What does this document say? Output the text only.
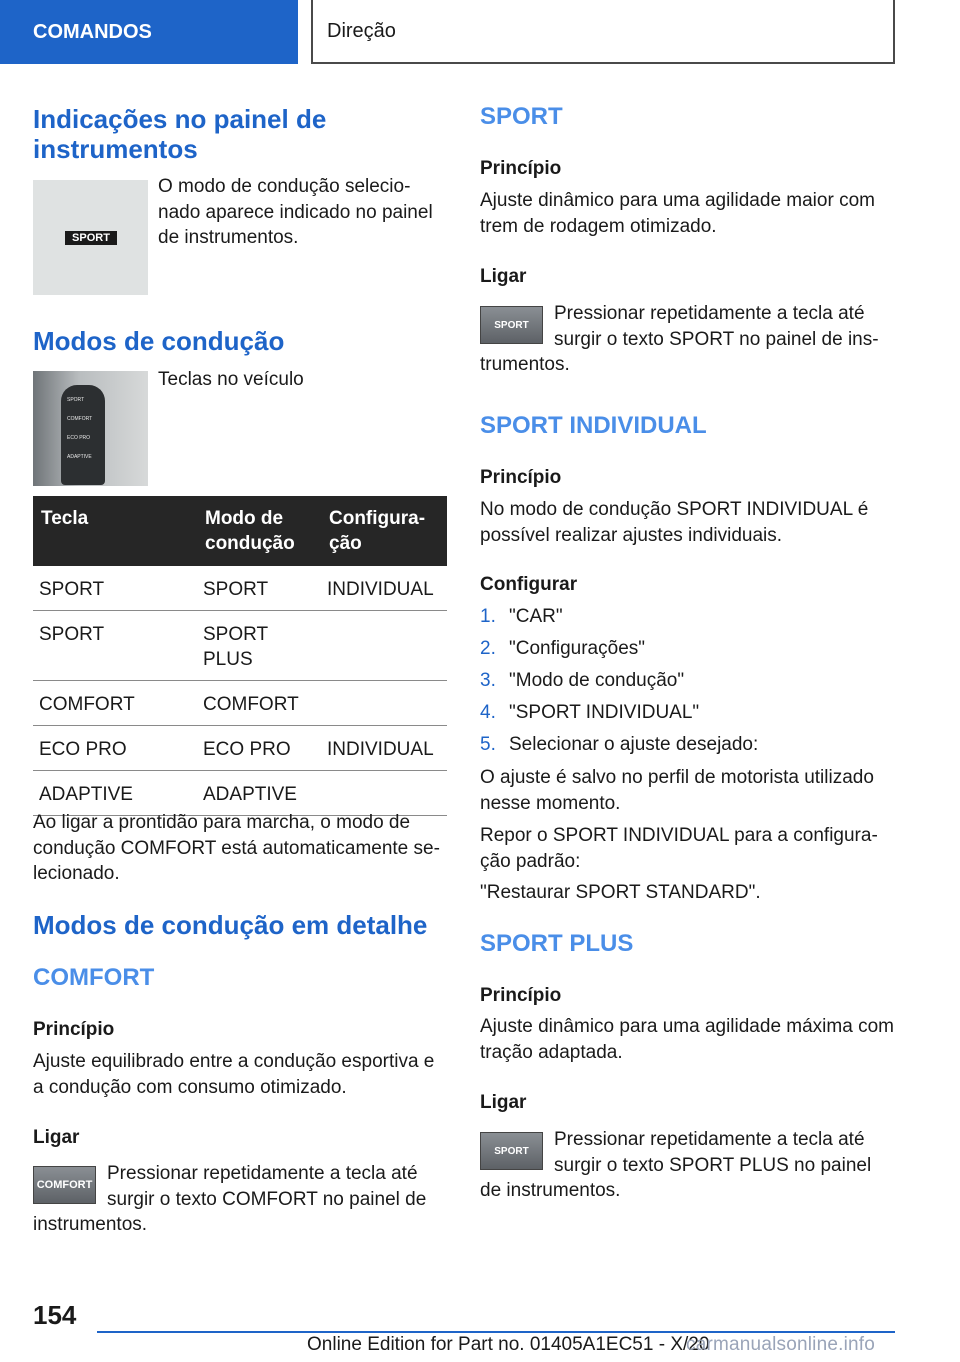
COMANDOS	Direção
Indicações no painel de instrumentos
SPORT

O modo de condução selecio-nado aparece indicado no painel de instrumentos.

Modos de condução
SPORT
COMFORT
ECO PRO
ADAPTIVE

Teclas no veículo

Tecla	Modo de condução	Configura-ção
SPORT	SPORT	INDIVIDUAL
SPORT	SPORT PLUS	
COMFORT	COMFORT	
ECO PRO	ECO PRO	INDIVIDUAL
ADAPTIVE	ADAPTIVE	

Ao ligar a prontidão para marcha, o modo de condução COMFORT está automaticamente se-lecionado.

Modos de condução em detalhe
COMFORT
Princípio

Ajuste equilibrado entre a condução esportiva e a condução com consumo otimizado.

Ligar
COMFORT

Pressionar repetidamente a tecla até
surgir o texto COMFORT no painel de

instrumentos.

SPORT
Princípio

Ajuste dinâmico para uma agilidade maior com trem de rodagem otimizado.

Ligar
SPORT

Pressionar repetidamente a tecla até
surgir o texto SPORT no painel de ins-

trumentos.

SPORT INDIVIDUAL
Princípio

No modo de condução SPORT INDIVIDUAL é possível realizar ajustes individuais.

Configurar
1. "CAR"
2. "Configurações"
3. "Modo de condução"
4. "SPORT INDIVIDUAL"
5. Selecionar o ajuste desejado:

O ajuste é salvo no perfil de motorista utilizado nesse momento.

Repor o SPORT INDIVIDUAL para a configura-ção padrão:

"Restaurar SPORT STANDARD".

SPORT PLUS
Princípio

Ajuste dinâmico para uma agilidade máxima com tração adaptada.

Ligar
SPORT

Pressionar repetidamente a tecla até
surgir o texto SPORT PLUS no painel

de instrumentos.

154
Online Edition for Part no. 01405A1EC51 - X/20
carmanualsonline.info
